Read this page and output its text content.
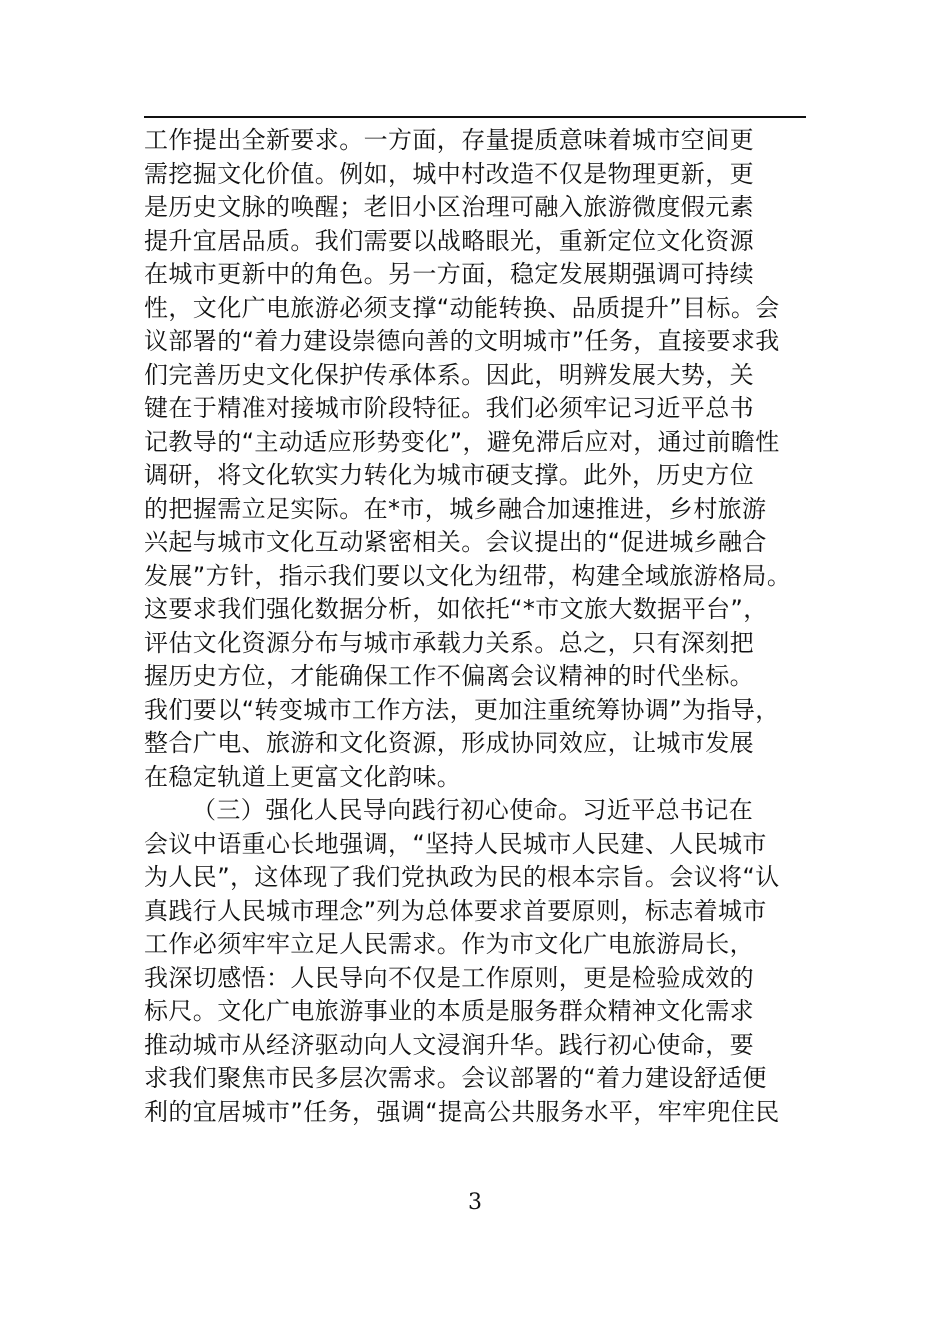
工作提出全新要求。一方面，存量提质意味着城市空间更
需挖掘文化价值。例如，城中村改造不仅是物理更新，更
是历史文脉的唤醒；老旧小区治理可融入旅游微度假元素
提升宜居品质。我们需要以战略眼光，重新定位文化资源
在城市更新中的角色。另一方面，稳定发展期强调可持续
性，文化广电旅游必须支撑“动能转换、品质提升”目标。会
议部署的“着力建设崇德向善的文明城市”任务，直接要求我
们完善历史文化保护传承体系。因此，明辨发展大势，关
键在于精准对接城市阶段特征。我们必须牢记习近平总书
记教导的“主动适应形势变化”，避免滞后应对，通过前瞻性
调研，将文化软实力转化为城市硬支撑。此外，历史方位
的把握需立足实际。在*市，城乡融合加速推进，乡村旅游
兴起与城市文化互动紧密相关。会议提出的“促进城乡融合
发展”方针，指示我们要以文化为纽带，构建全域旅游格局。
这要求我们强化数据分析，如依托“*市文旅大数据平台”，
评估文化资源分布与城市承载力关系。总之，只有深刻把
握历史方位，才能确保工作不偏离会议精神的时代坐标。
我们要以“转变城市工作方法，更加注重统筹协调”为指导，
整合广电、旅游和文化资源，形成协同效应，让城市发展
在稳定轨道上更富文化韵味。
（三）强化人民导向践行初心使命。习近平总书记在
会议中语重心长地强调，“坚持人民城市人民建、人民城市
为人民”，这体现了我们党执政为民的根本宗旨。会议将“认
真践行人民城市理念”列为总体要求首要原则，标志着城市
工作必须牢牢立足人民需求。作为市文化广电旅游局长，
我深切感悟：人民导向不仅是工作原则，更是检验成效的
标尺。文化广电旅游事业的本质是服务群众精神文化需求
推动城市从经济驱动向人文浸润升华。践行初心使命，要
求我们聚焦市民多层次需求。会议部署的“着力建设舒适便
利的宜居城市”任务，强调“提高公共服务水平，牢牢兜住民
3
